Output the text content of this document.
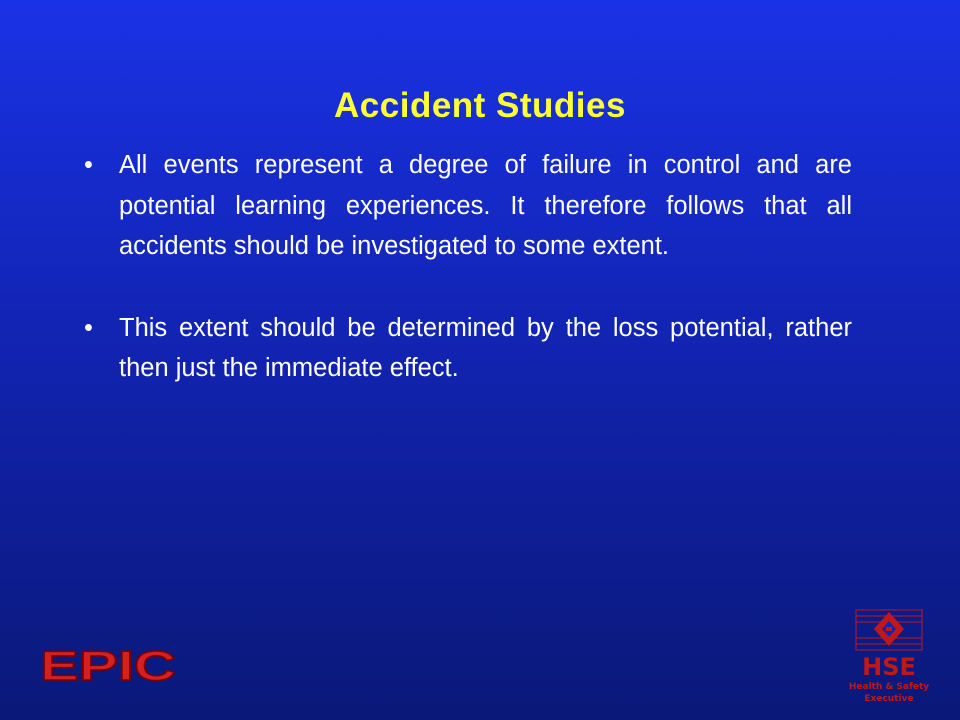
Accident Studies
• All events represent a degree of failure in control and are potential learning experiences. It therefore follows that all accidents should be investigated to some extent.
• This extent should be determined by the loss potential, rather then just the immediate effect.
EPIC	HSE
Health & Safety
Executive
